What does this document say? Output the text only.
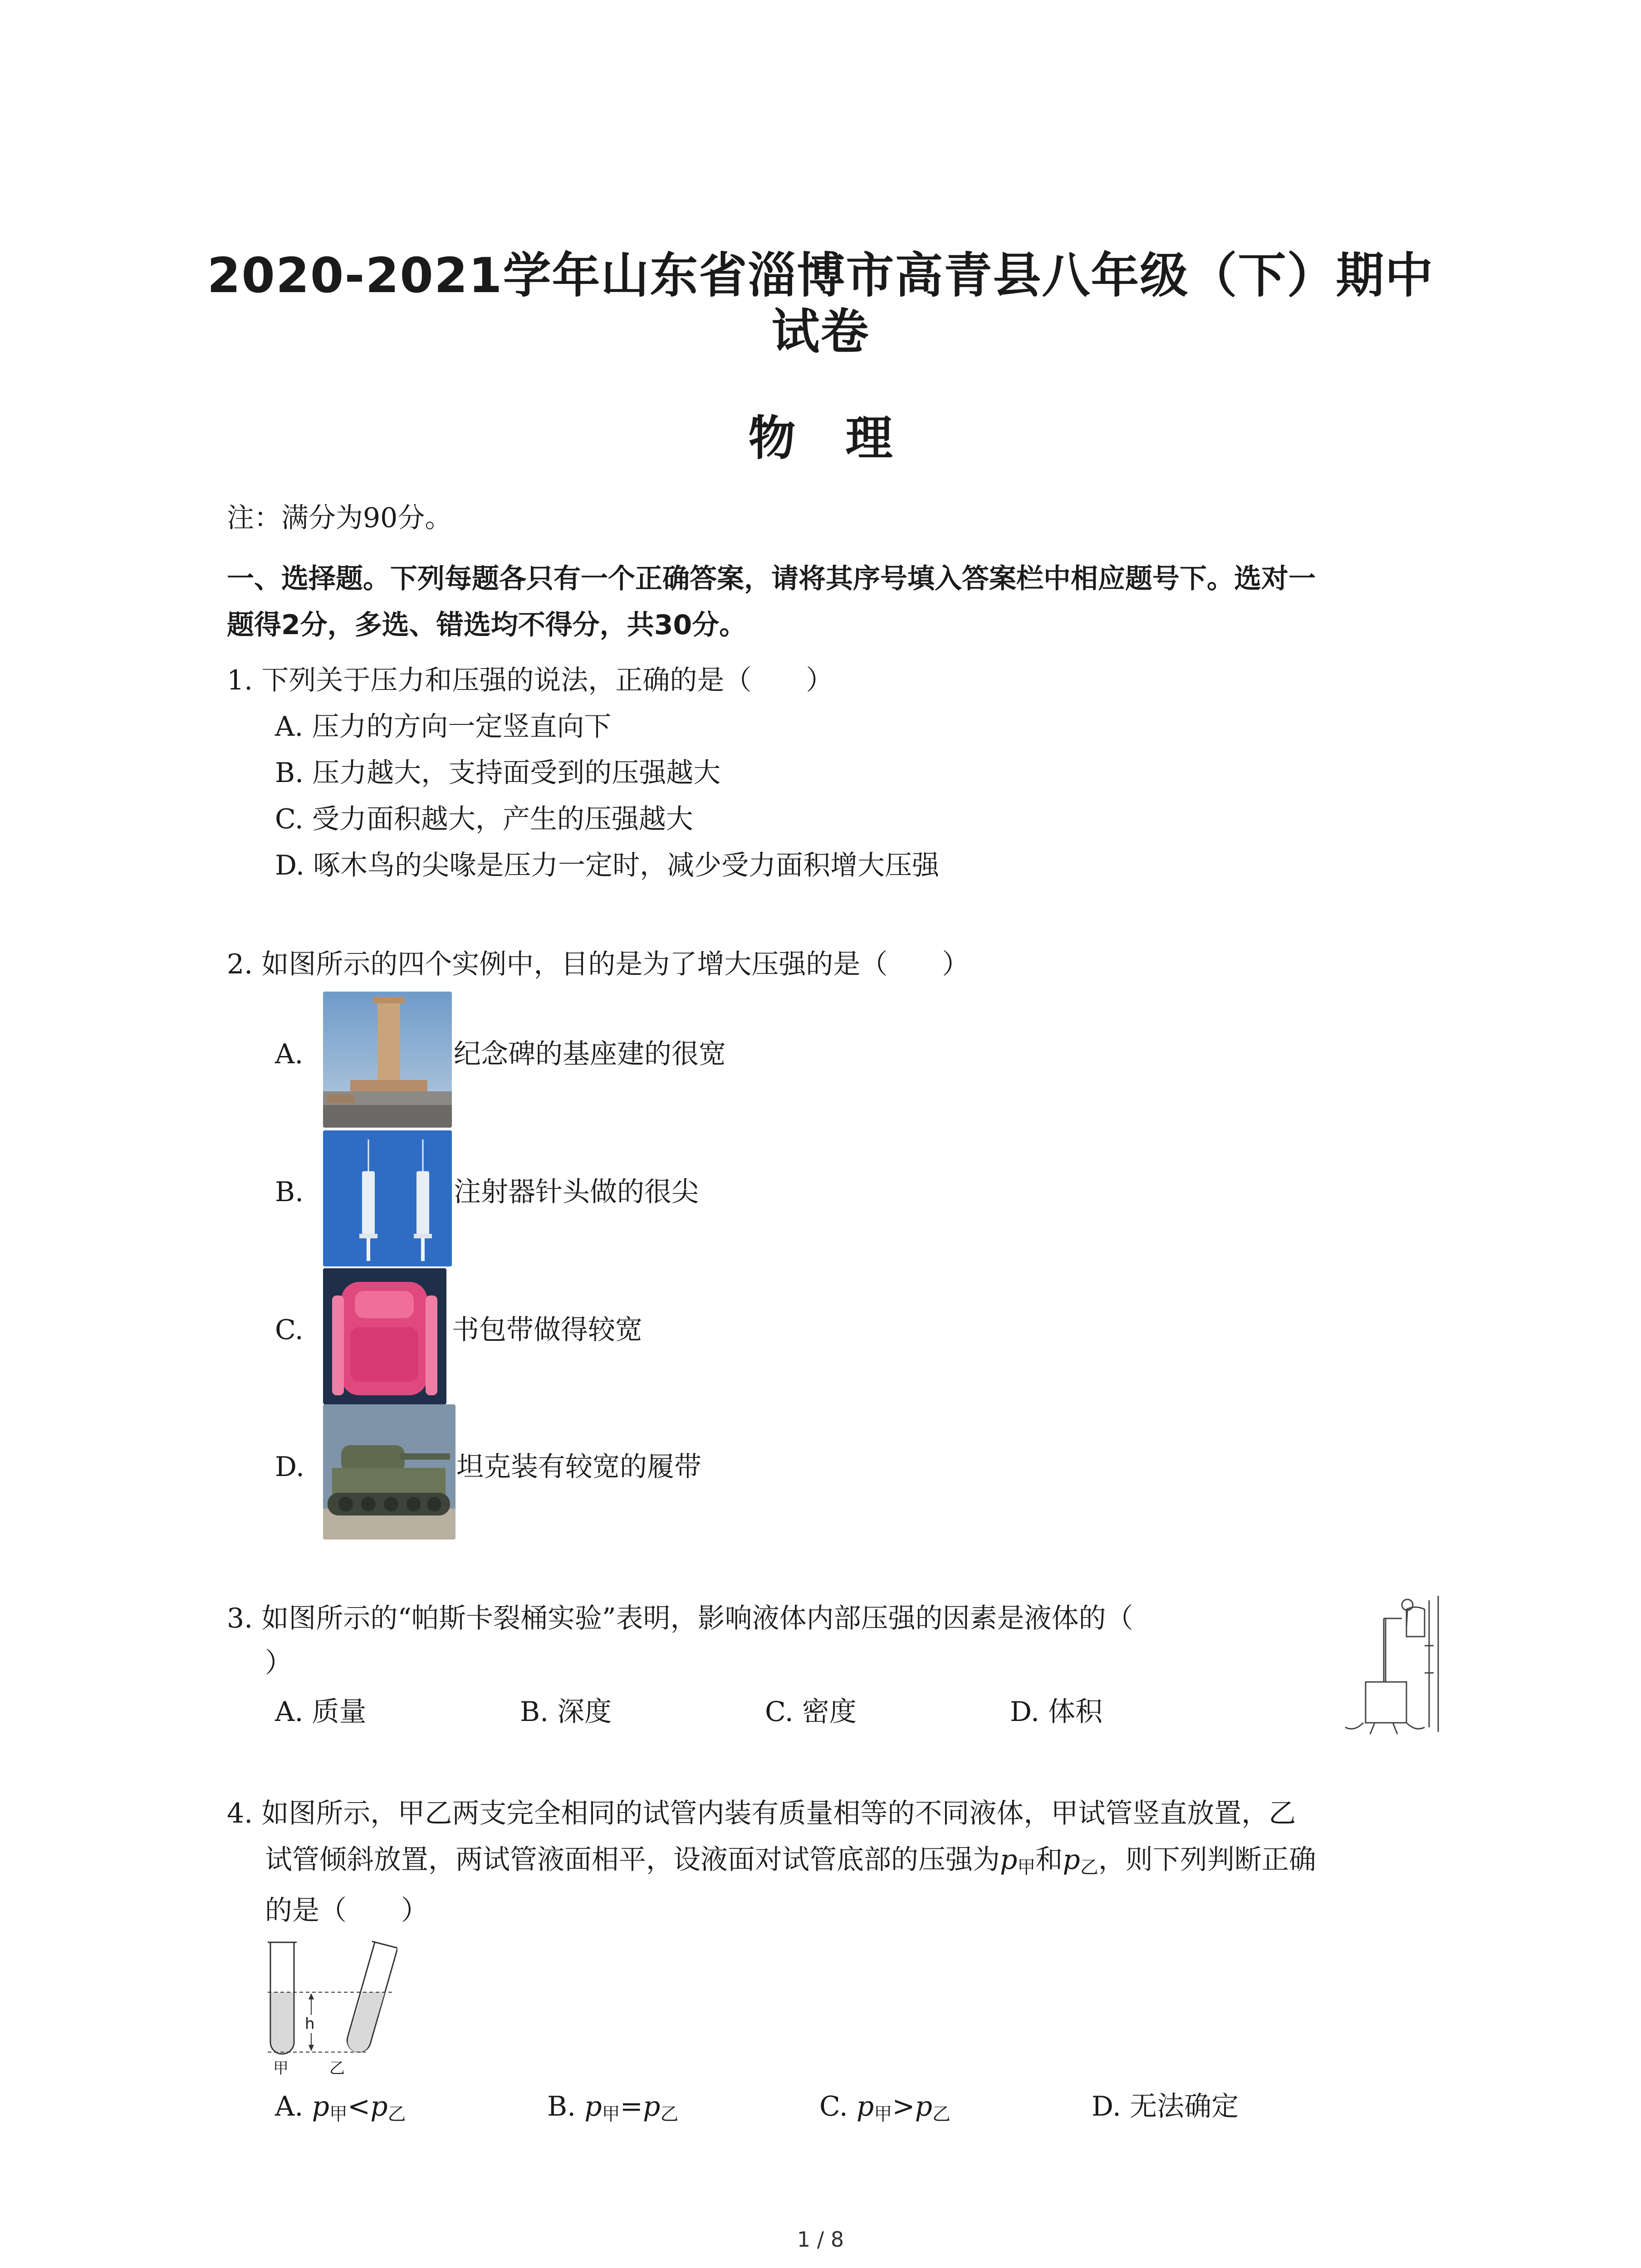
2020-2021学年山东省淄博市高青县八年级（下）期中
试卷
物理
注：满分为90分。
一、选择题。下列每题各只有一个正确答案，请将其序号填入答案栏中相应题号下。选对一
题得2分，多选、错选均不得分，共30分。
1. 下列关于压力和压强的说法，正确的是（　　）
A. 压力的方向一定竖直向下
B. 压力越大，支持面受到的压强越大
C. 受力面积越大，产生的压强越大
D. 啄木鸟的尖喙是压力一定时，减少受力面积增大压强
2. 如图所示的四个实例中，目的是为了增大压强的是（　　）
A.	纪念碑的基座建的很宽
B.	注射器针头做的很尖
C.	书包带做得较宽
D.	坦克装有较宽的履带
3. 如图所示的“帕斯卡裂桶实验”表明，影响液体内部压强的因素是液体的（
）
A. 质量	B. 深度	C. 密度	D. 体积
4. 如图所示，甲乙两支完全相同的试管内装有质量相等的不同液体，甲试管竖直放置，乙
试管倾斜放置，两试管液面相平，设液面对试管底部的压强为$p_甲$和$p_乙$，则下列判断正确
的是（　　）
h
甲	乙
A. $p_甲<p_乙$	B. $p_甲=p_乙$	C. $p_甲>p_乙$	D. 无法确定
1 / 8
